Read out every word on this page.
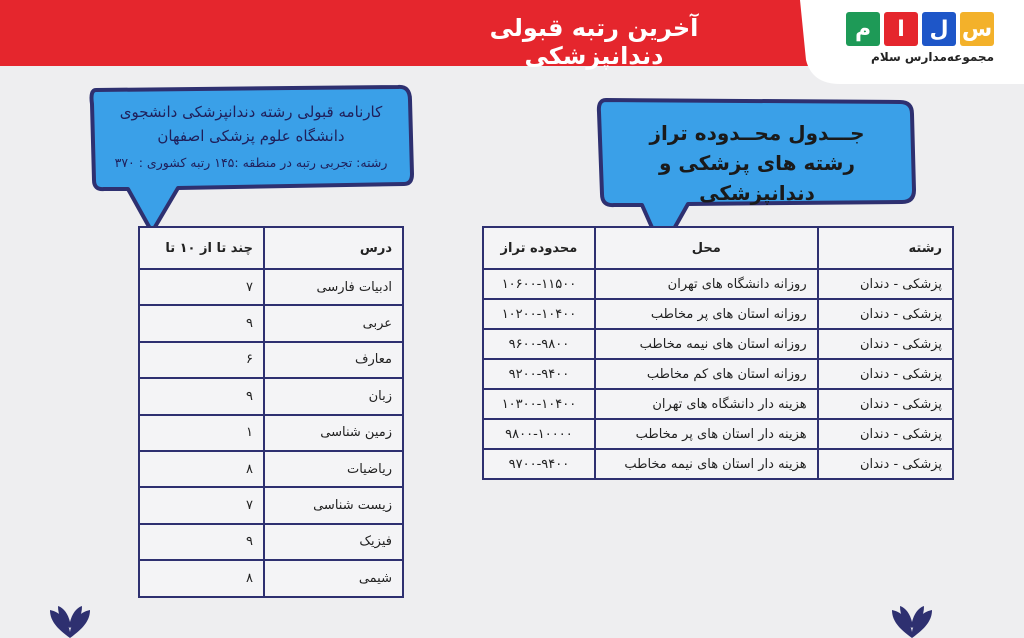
آخرین رتبه قبولی دندانپزشکی
س
ل
ا
م
مجموعه‌مدارس سلام
کارنامه قبولی رشته دندانپزشکی دانشجوی
دانشگاه علوم پزشکی اصفهان
رشته: تجربی رتبه در منطقه :۱۴۵ رتبه کشوری : ۳۷۰
جـــدول محــدوده تراز
رشته های پزشکی و دندانپزشکی
درس	چند تا از ۱۰ تا
ادبیات فارسی	۷
عربی	۹
معارف	۶
زبان	۹
زمین شناسی	۱
ریاضیات	۸
زیست شناسی	۷
فیزیک	۹
شیمی	۸
رشته	محل	محدوده تراز
پزشکی - دندان	روزانه دانشگاه های تهران	۱۰۶۰۰-۱۱۵۰۰
پزشکی - دندان	روزانه استان های پر مخاطب	۱۰۲۰۰-۱۰۴۰۰
پزشکی - دندان	روزانه استان های نیمه مخاطب	۹۶۰۰-۹۸۰۰
پزشکی - دندان	روزانه استان های کم مخاطب	۹۲۰۰-۹۴۰۰
پزشکی - دندان	هزینه دار دانشگاه های تهران	۱۰۳۰۰-۱۰۴۰۰
پزشکی - دندان	هزینه دار استان های پر مخاطب	۹۸۰۰-۱۰۰۰۰
پزشکی - دندان	هزینه دار استان های نیمه مخاطب	۹۷۰۰-۹۴۰۰
